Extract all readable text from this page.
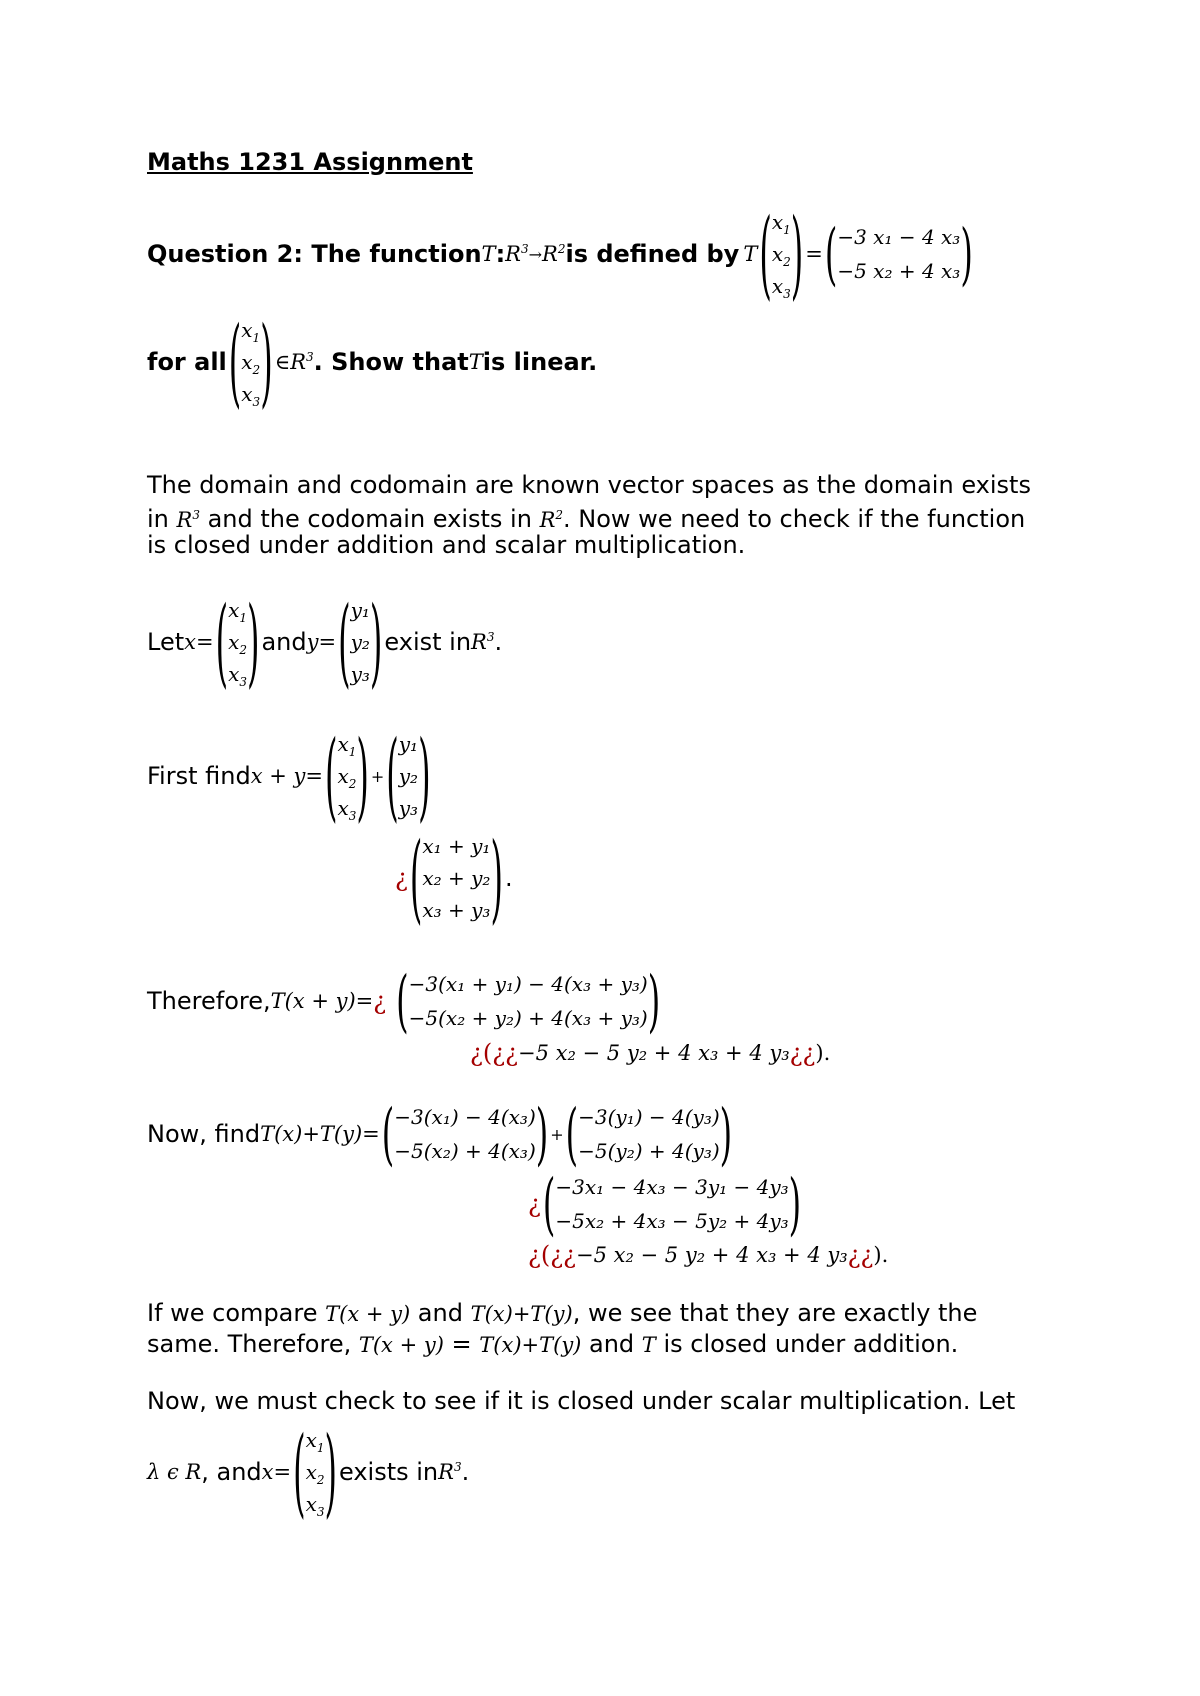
Maths 1231 Assignment
Question 2: The function T : $R^3 \to R^2$ is defined by T ( $x_1$
$x_2$
$x_3$ ) = ( −3 x₁ − 4 x₃
−5 x₂ + 4 x₃ )
for all ( $x_1$
$x_2$
$x_3$ ) ∈ $R^3$ . Show that T is linear.
The domain and codomain are known vector spaces as the domain exists
in $R^3$ and the codomain exists in $R^2$. Now we need to check if the function
is closed under addition and scalar multiplication.
Let x= ( $x_1$
$x_2$
$x_3$ ) and y= ( y₁
y₂
y₃ ) exist in $R^3$ .
First find x + y= ( $x_1$
$x_2$
$x_3$ ) + ( y₁
y₂
y₃ )
¿ ( x₁ + y₁
x₂ + y₂
x₃ + y₃ ) .
Therefore, T(x + y)= ¿ ( −3(x₁ + y₁) − 4(x₃ + y₃)
−5(x₂ + y₂) + 4(x₃ + y₃) )
¿(¿¿ −5 x₂ − 5 y₂ + 4 x₃ + 4 y₃ ¿¿ ).
Now, find T(x)+T(y)= ( −3(x₁) − 4(x₃)
−5(x₂) + 4(x₃) ) + ( −3(y₁) − 4(y₃)
−5(y₂) + 4(y₃) )
¿ ( −3x₁ − 4x₃ − 3y₁ − 4y₃
−5x₂ + 4x₃ − 5y₂ + 4y₃ )
¿(¿¿ −5 x₂ − 5 y₂ + 4 x₃ + 4 y₃ ¿¿ ).
If we compare T(x + y) and T(x)+T(y), we see that they are exactly the
same. Therefore, T(x + y) = T(x)+T(y) and T is closed under addition.
Now, we must check to see if it is closed under scalar multiplication. Let
λ ϵ R , and x= ( $x_1$
$x_2$
$x_3$ ) exists in $R^3$ .
